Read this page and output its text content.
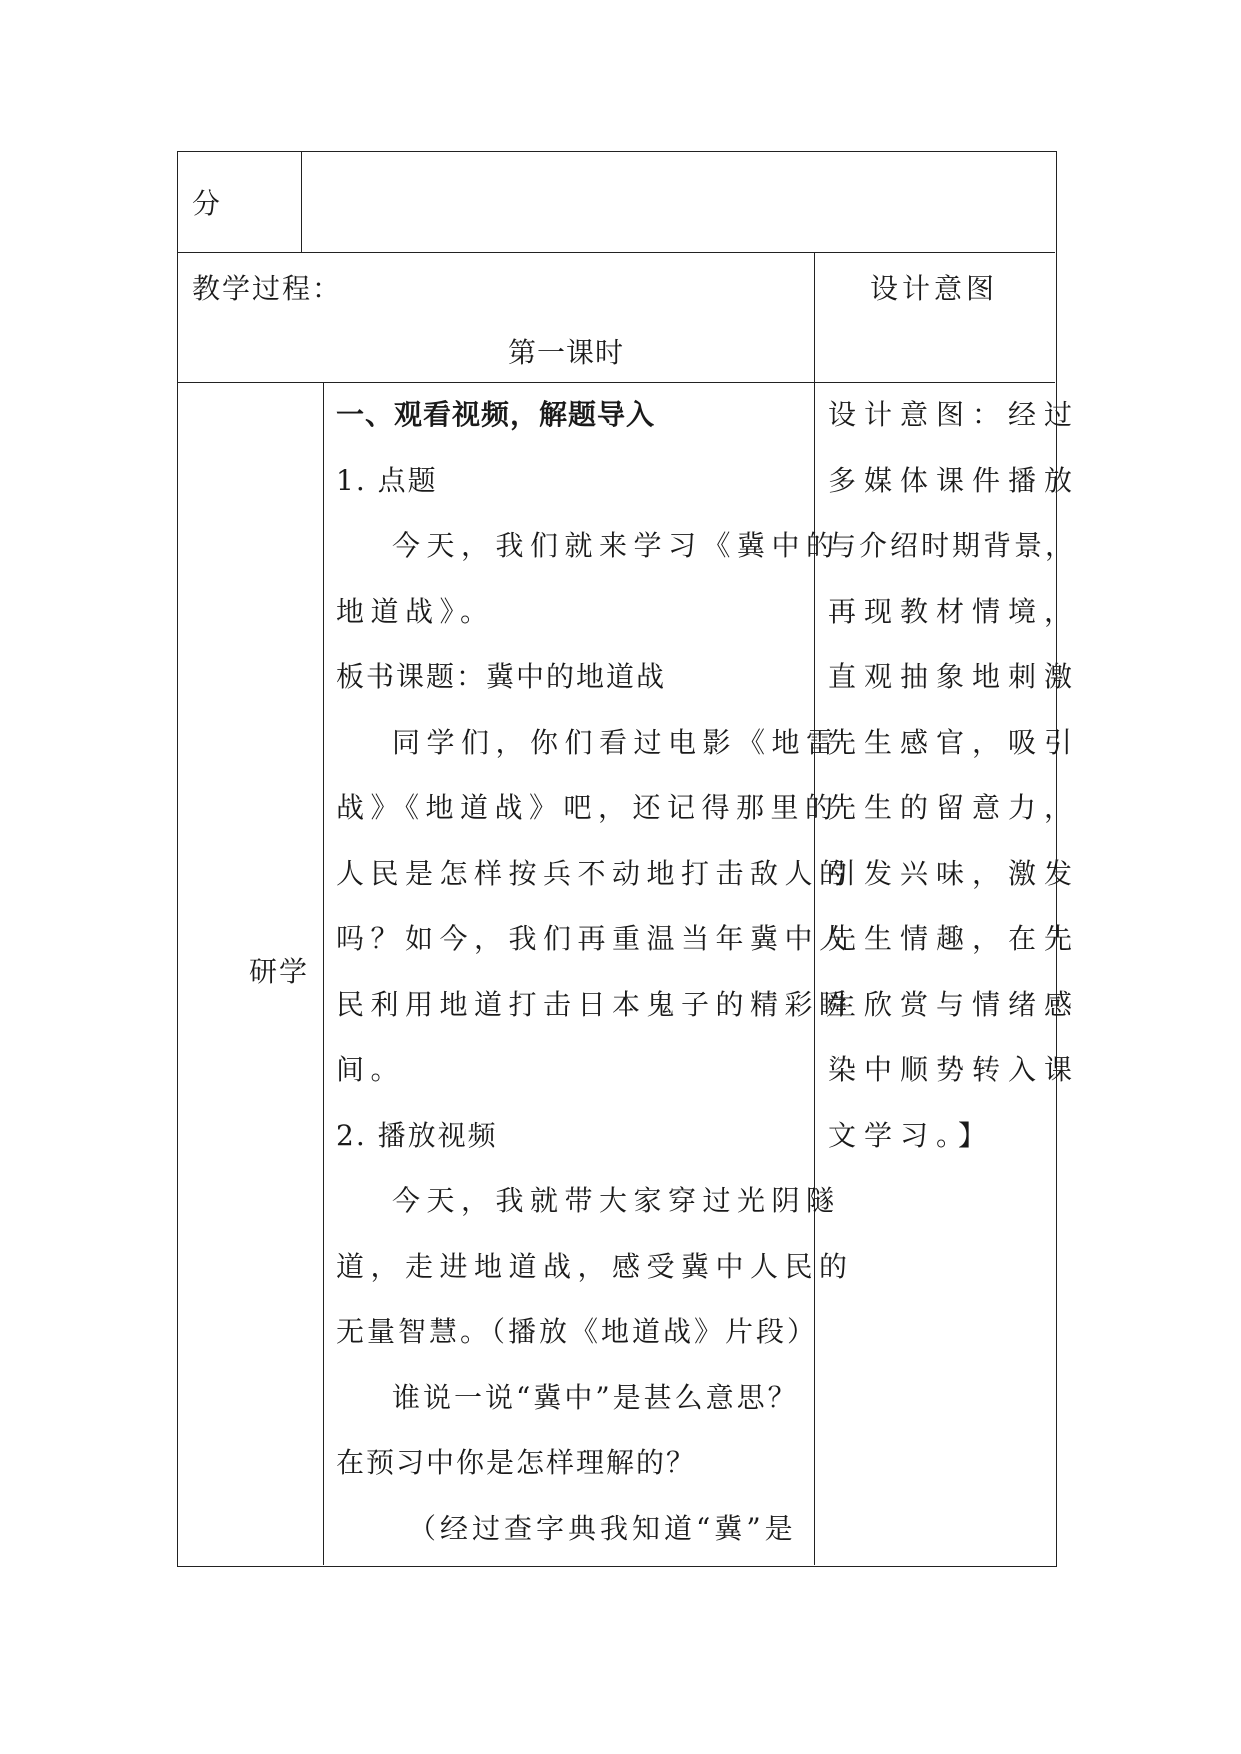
分
教学过程：
第一课时
设计意图
研学
一、观看视频，解题导入
1. 点题
今天，我们就来学习《冀中的
地道战》。
板书课题：冀中的地道战
同学们，你们看过电影《地雷
战》《地道战》吧，还记得那里的
人民是怎样按兵不动地打击敌人的
吗？如今，我们再重温当年冀中人
民利用地道打击日本鬼子的精彩瞬
间。
2. 播放视频
今天，我就带大家穿过光阴隧
道，走进地道战，感受冀中人民的
无量智慧。（播放《地道战》片段）
谁说一说“冀中”是甚么意思？
在预习中你是怎样理解的？
（经过查字典我知道“冀”是
设计意图：经过
多媒体课件播放
与介绍时期背景，
再现教材情境，
直观抽象地刺激
先生感官，吸引
先生的留意力，
引发兴味，激发
先生情趣，在先
生欣赏与情绪感
染中顺势转入课
文学习。】
